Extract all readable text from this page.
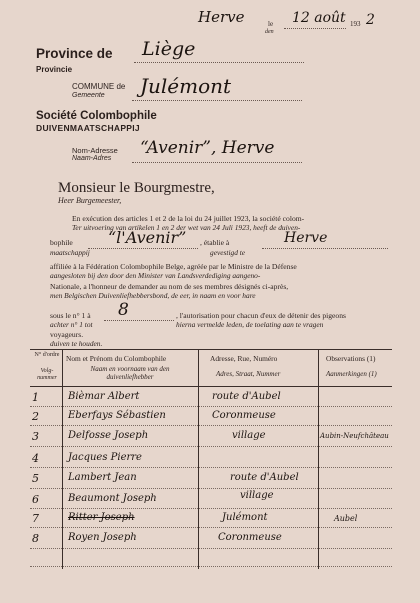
Herve	le
den
12 août 193 2
Province de Liège
Provincie
COMMUNE de
Gemeente Julémont
Société Colombophile
DUIVENMAATSCHAPPIJ
Nom-Adresse
Naam-Adres
“Avenir”, Herve
Monsieur le Bourgmestre,
Heer Burgemeester,
En exécution des articles 1 et 2 de la loi du 24 juillet 1923, la société colom-
Ter uitvoering van artikelen 1 en 2 der wet van 24 Juli 1923, heeft de duiven-
bophile
maatschappij
“l'Avenir” , établie à
gevestigd te
Herve
affiliée à la Fédération Colombophile Belge, agréée par le Ministre de la Défense
aangesloten bij den door den Minister van Landsverdediging aangeno-
Nationale, a l'honneur de demander au nom de ses membres désignés ci-après,
men Belgischen Duivenliefhebbersbond, de eer, in naam en voor hare
sous le n° 1 à
achter n° 1 tot
8	, l'autorisation pour chacun d'eux de détenir des pigeons
hierna vermelde leden, de toelating aan te vragen
voyageurs.
duiven te houden.
N° d'ordre
Volg- nummer
Nom et Prénom du Colombophile
Naam en voornaam van den duivenliefhebber
Adresse, Rue, Numéro
Adres, Straat, Nummer
Observations (1)
Aanmerkingen (1)
1	Bièmar Albert	route d'Aubel
2	Eberfays Sébastien	Coronmeuse
3	Delfosse Joseph	village	Aubin-Neufchâteau
4	Jacques Pierre
5	Lambert Jean	route d'Aubel
6	Beaumont Joseph	village
7	Ritter Joseph	Julémont	Aubel
8	Royen Joseph	Coronmeuse
